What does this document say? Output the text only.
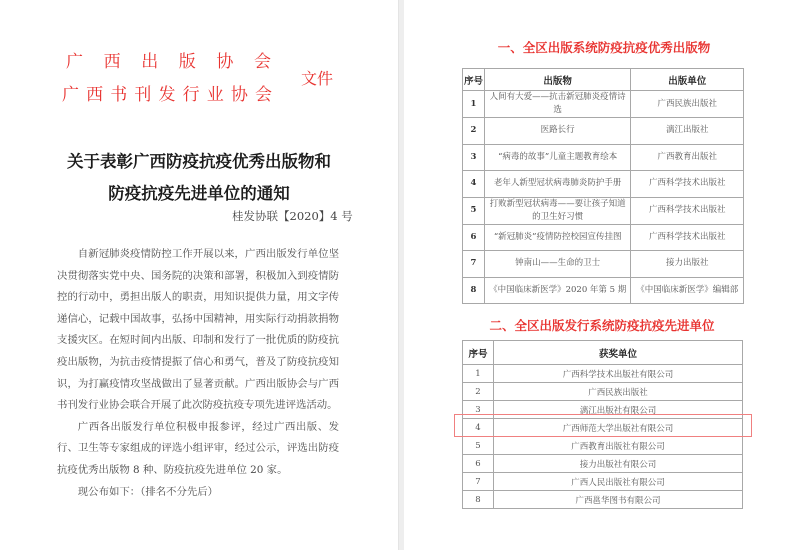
广 西 出 版 协 会
广 西 书 刊 发 行 业 协 会
文件
关于表彰广西防疫抗疫优秀出版物和
防疫抗疫先进单位的通知
桂发协联【2020】4 号

自新冠肺炎疫情防控工作开展以来，广西出版发行单位坚决贯彻落实党中央、国务院的决策和部署，积极加入到疫情防控的行动中，勇担出版人的职责，用知识提供力量，用文字传递信心，记载中国故事，弘扬中国精神，用实际行动捐款捐物支援灾区。在短时间内出版、印制和发行了一批优质的防疫抗疫出版物，为抗击疫情提振了信心和勇气，普及了防疫抗疫知识，为打赢疫情攻坚战做出了显著贡献。广西出版协会与广西书刊发行业协会联合开展了此次防疫抗疫专项先进评选活动。

广西各出版发行单位积极申报参评，经过广西出版、发行、卫生等专家组成的评选小组评审，经过公示，评选出防疫抗疫优秀出版物 8 种、防疫抗疫先进单位 20 家。

现公布如下：（排名不分先后）

一、全区出版系统防疫抗疫优秀出版物
序号	出版物	出版单位
1	人间有大爱——抗击新冠肺炎疫情诗选	广西民族出版社
2	医路长行	漓江出版社
3	“病毒的故事”儿童主题教育绘本	广西教育出版社
4	老年人新型冠状病毒肺炎防护手册	广西科学技术出版社
5	打败新型冠状病毒——要让孩子知道的卫生好习惯	广西科学技术出版社
6	“新冠肺炎”疫情防控校园宣传挂图	广西科学技术出版社
7	钟南山——生命的卫士	接力出版社
8	《中国临床新医学》2020 年第 5 期	《中国临床新医学》编辑部
二、全区出版发行系统防疫抗疫先进单位
序号	获奖单位
1	广西科学技术出版社有限公司
2	广西民族出版社
3	漓江出版社有限公司
4	广西师范大学出版社有限公司
5	广西教育出版社有限公司
6	接力出版社有限公司
7	广西人民出版社有限公司
8	广西邕华图书有限公司
